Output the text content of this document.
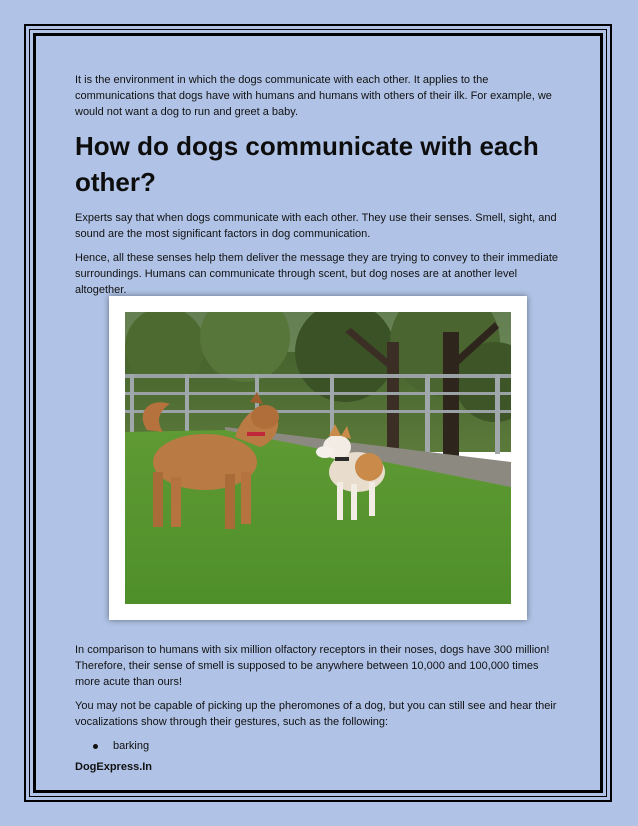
It is the environment in which the dogs communicate with each other. It applies to the communications that dogs have with humans and humans with others of their ilk. For example, we would not want a dog to run and greet a baby.

How do dogs communicate with each other?

Experts say that when dogs communicate with each other. They use their senses. Smell, sight, and sound are the most significant factors in dog communication.

Hence, all these senses help them deliver the message they are trying to convey to their immediate surroundings. Humans can communicate through scent, but dog noses are at another level altogether.

In comparison to humans with six million olfactory receptors in their noses, dogs have 300 million! Therefore, their sense of smell is supposed to be anywhere between 10,000 and 100,000 times more acute than ours!

You may not be capable of picking up the pheromones of a dog, but you can still see and hear their vocalizations show through their gestures, such as the following:

barking
DogExpress.In
